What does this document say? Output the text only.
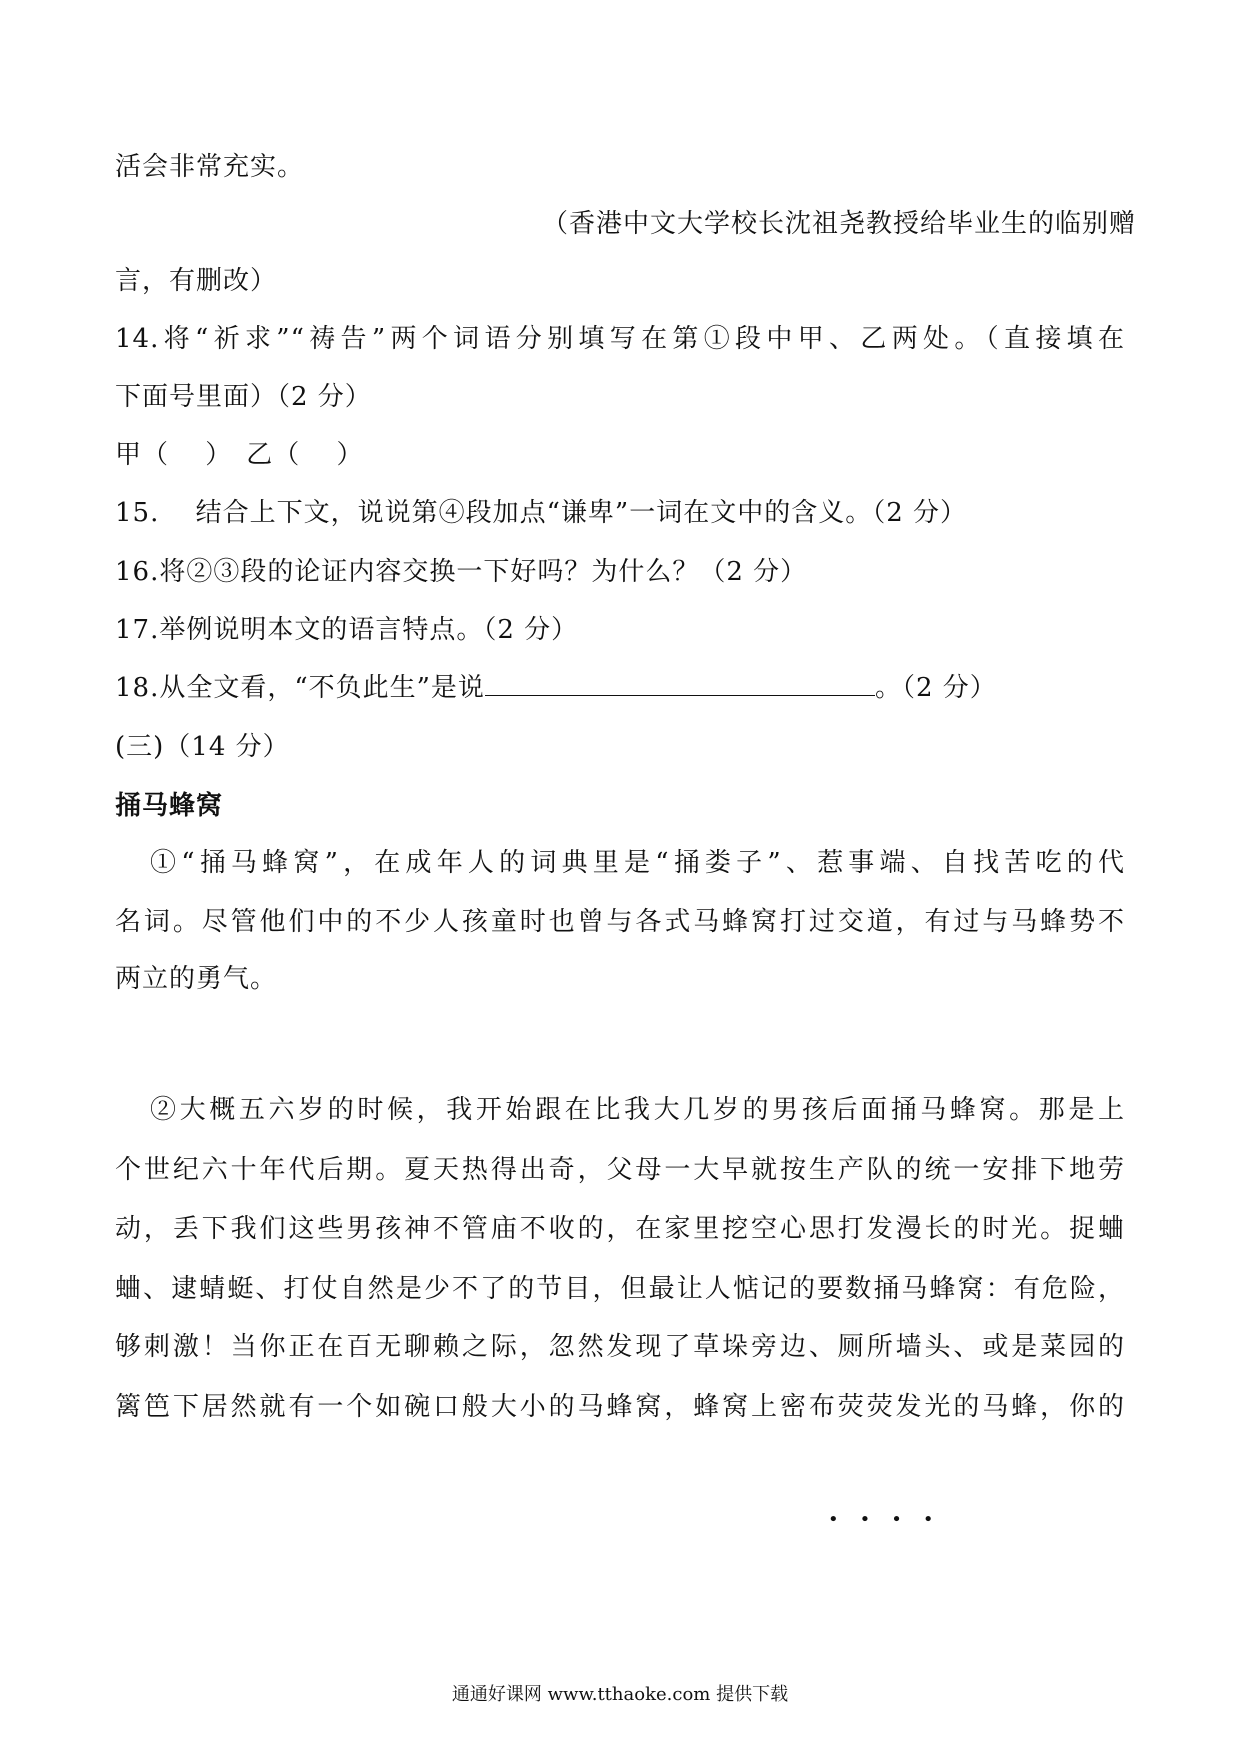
活会非常充实。
（香港中文大学校长沈祖尧教授给毕业生的临别赠
言，有删改）
14.将“祈求”“祷告”两个词语分别填写在第①段中甲、乙两处。（直接填在
下面号里面）（2 分）
甲（　 ）　乙（　 ）
15.　 结合上下文，说说第④段加点“谦卑”一词在文中的含义。（2 分）
16.将②③段的论证内容交换一下好吗？为什么？（2 分）
17.举例说明本文的语言特点。（2 分）
18.从全文看，“不负此生”是说	。（2 分）
(三)（14 分）
捅马蜂窝
①“捅马蜂窝”，在成年人的词典里是“捅娄子”、惹事端、自找苦吃的代
名词。尽管他们中的不少人孩童时也曾与各式马蜂窝打过交道，有过与马蜂势不
两立的勇气。
②大概五六岁的时候，我开始跟在比我大几岁的男孩后面捅马蜂窝。那是上
个世纪六十年代后期。夏天热得出奇，父母一大早就按生产队的统一安排下地劳
动，丢下我们这些男孩神不管庙不收的，在家里挖空心思打发漫长的时光。捉蛐
蛐、逮蜻蜓、打仗自然是少不了的节目，但最让人惦记的要数捅马蜂窝：有危险，
够刺激！当你正在百无聊赖之际，忽然发现了草垛旁边、厕所墙头、或是菜园的
••••
篱笆下居然就有一个如碗口般大小的马蜂窝，蜂窝上密布荧荧发光的马蜂，你的
通通好课网 www.tthaoke.com 提供下载
